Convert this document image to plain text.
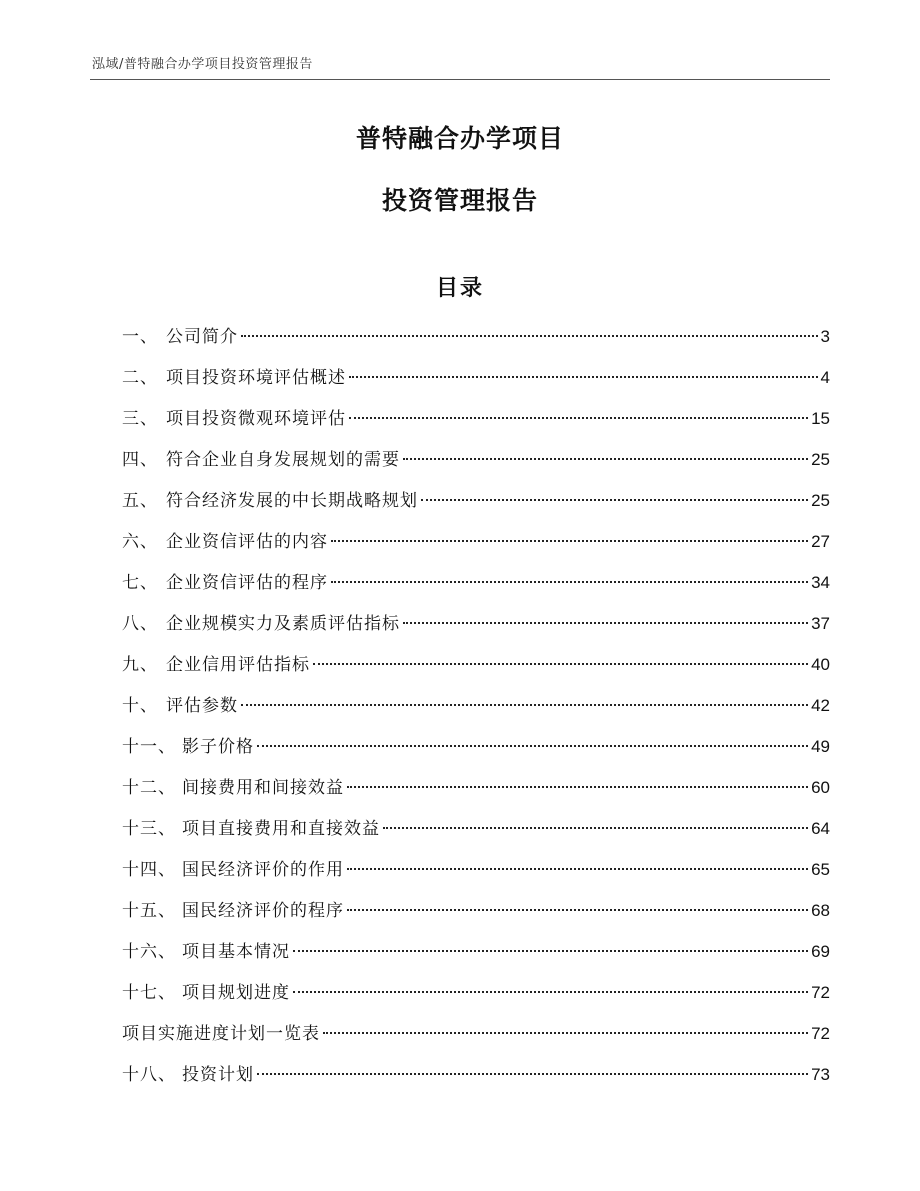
泓域/普特融合办学项目投资管理报告
普特融合办学项目
投资管理报告
目录
一、 公司简介	3
二、 项目投资环境评估概述	4
三、 项目投资微观环境评估	15
四、 符合企业自身发展规划的需要	25
五、 符合经济发展的中长期战略规划	25
六、 企业资信评估的内容	27
七、 企业资信评估的程序	34
八、 企业规模实力及素质评估指标	37
九、 企业信用评估指标	40
十、 评估参数	42
十一、 影子价格	49
十二、 间接费用和间接效益	60
十三、 项目直接费用和直接效益	64
十四、 国民经济评价的作用	65
十五、 国民经济评价的程序	68
十六、 项目基本情况	69
十七、 项目规划进度	72
项目实施进度计划一览表	72
十八、 投资计划	73
